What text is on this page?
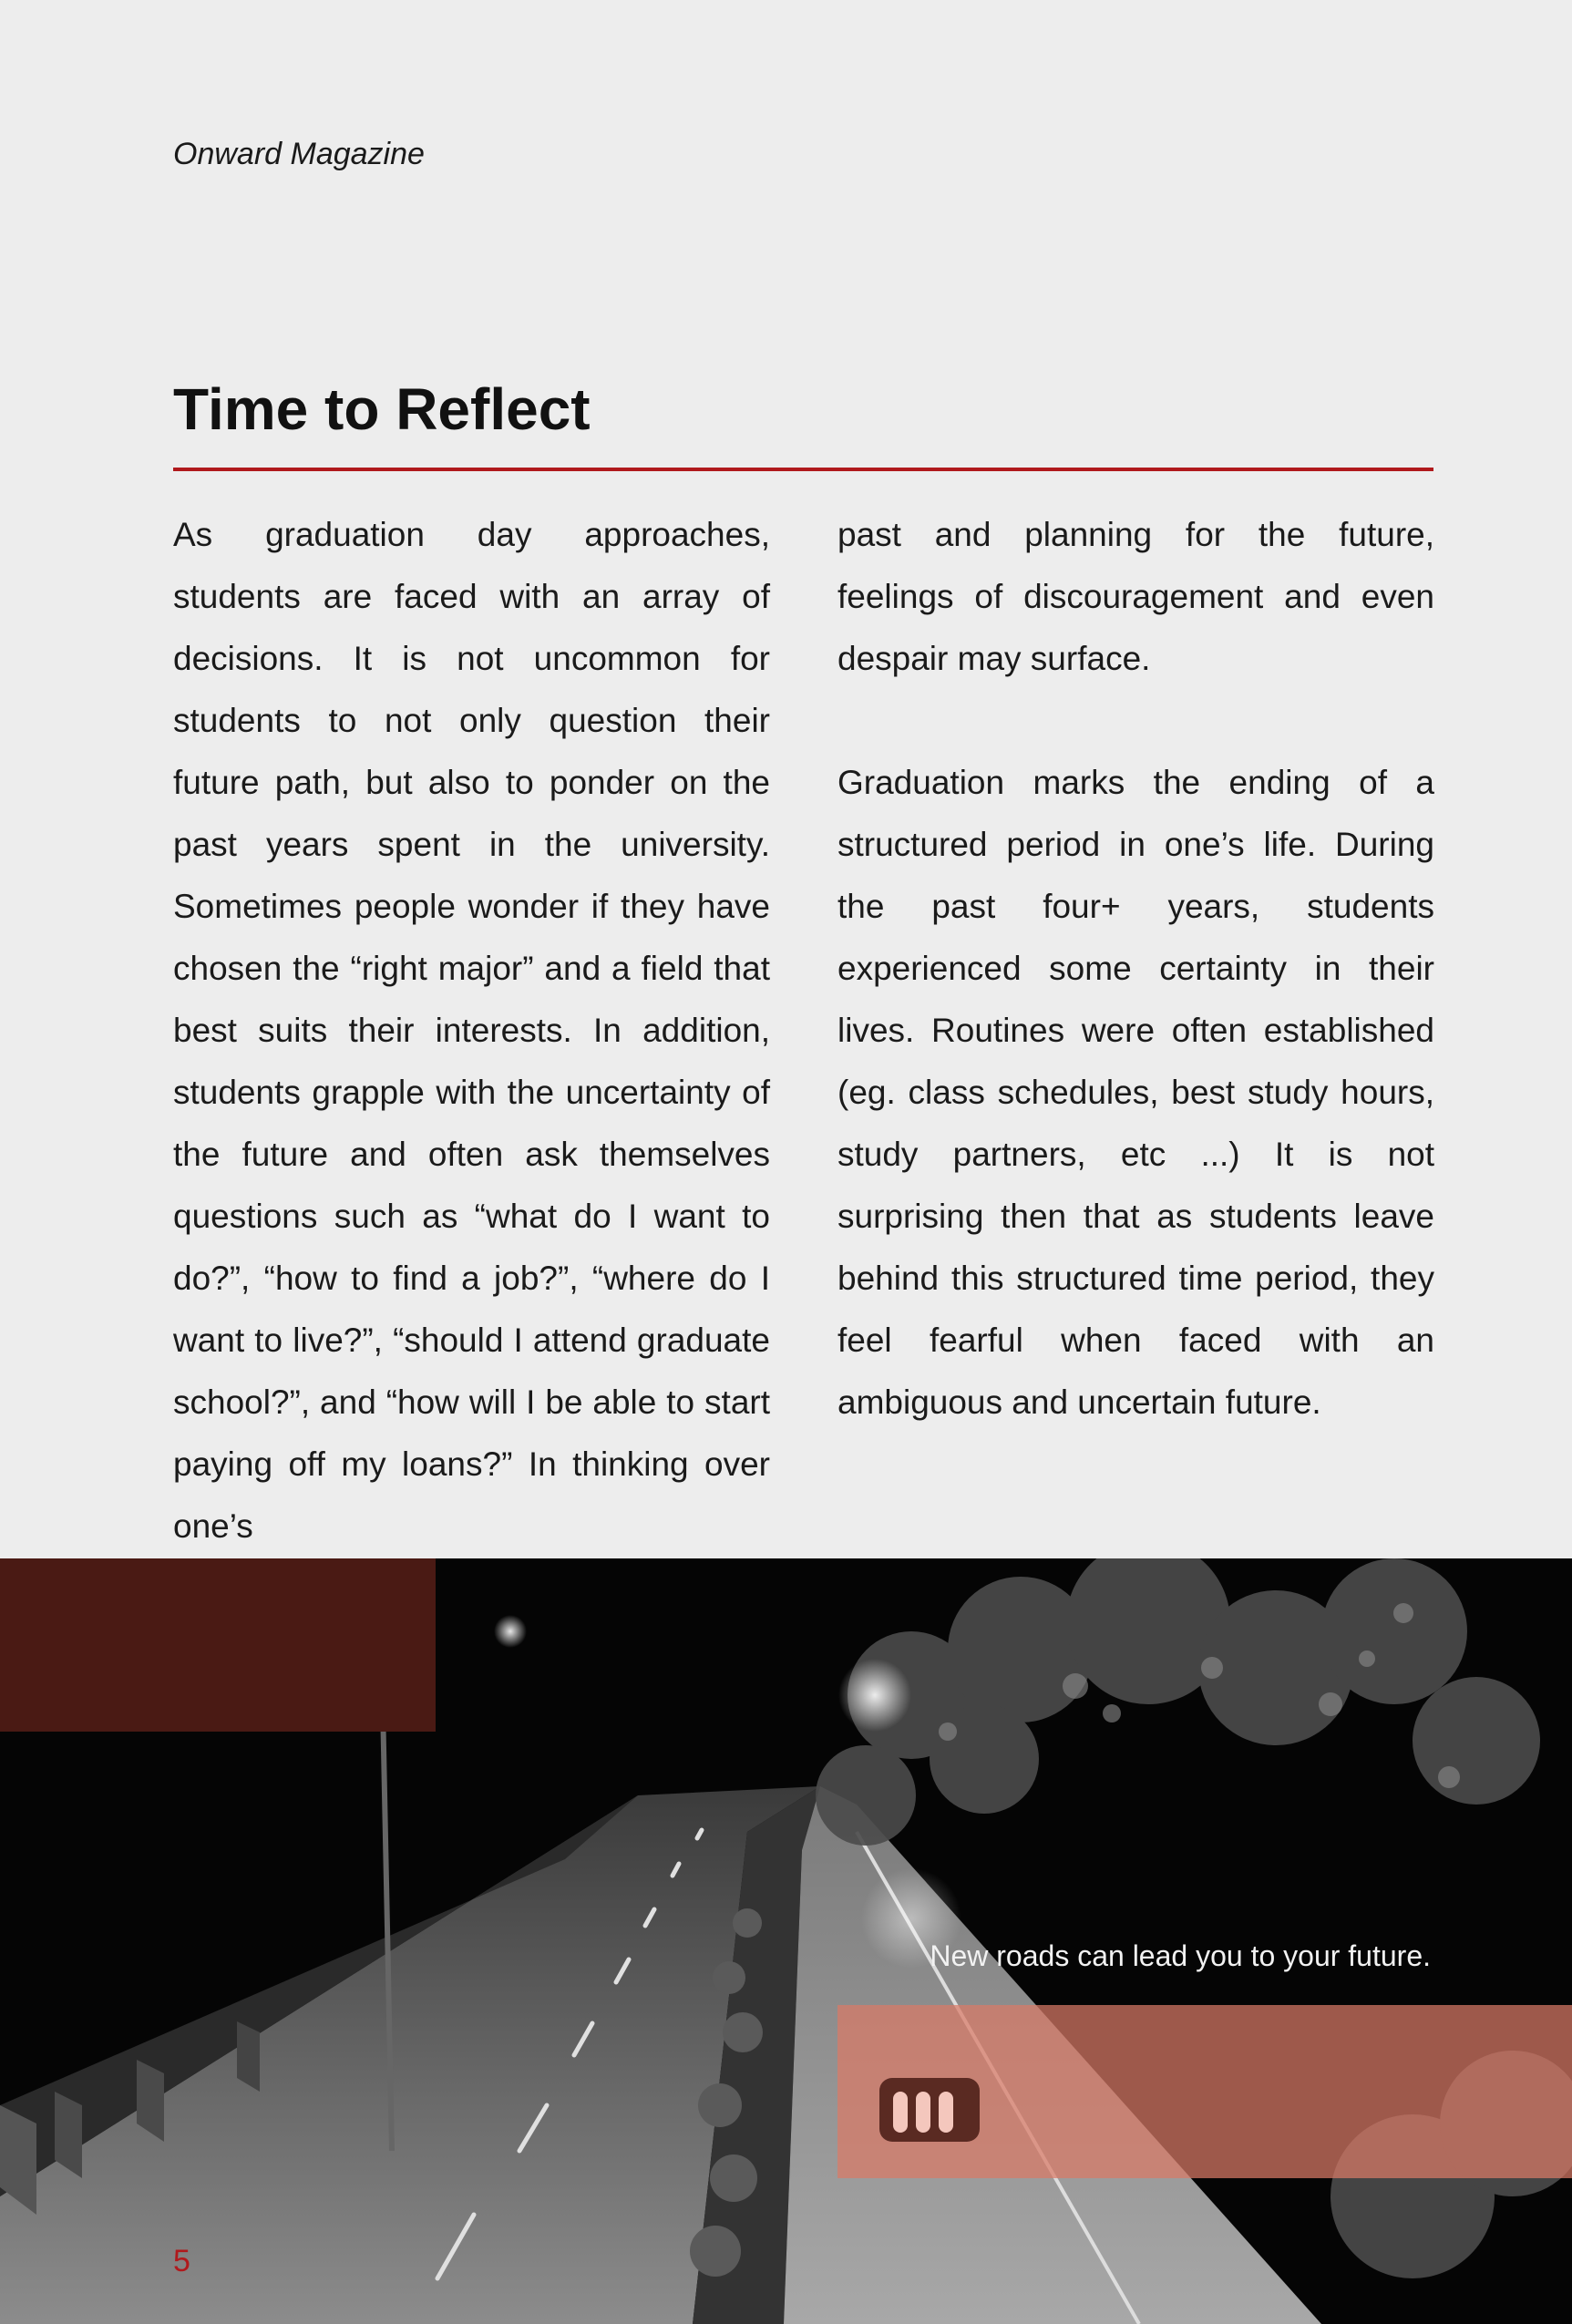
Onward Magazine
Time to Reflect

As graduation day approaches, students are faced with an array of decisions. It is not uncommon for students to not only question their future path, but also to ponder on the past years spent in the university. Sometimes people wonder if they have chosen the “right major” and a field that best suits their interests. In addition, students grapple with the uncertainty of the future and often ask themselves questions such as “what do I want to do?”, “how to find a job?”, “where do I want to live?”, “should I attend graduate school?”, and “how will I be able to start paying off my loans?” In thinking over one’s

past and planning for the future, feelings of discouragement and even despair may surface.

Graduation marks the ending of a structured period in one’s life. During the past four+ years, students experienced some certainty in their lives. Routines were often established (eg. class schedules, best study hours, study partners, etc ...) It is not surprising then that as students leave behind this structured time period, they feel fearful when faced with an ambiguous and uncertain future.

New roads can lead you to your future.
5
